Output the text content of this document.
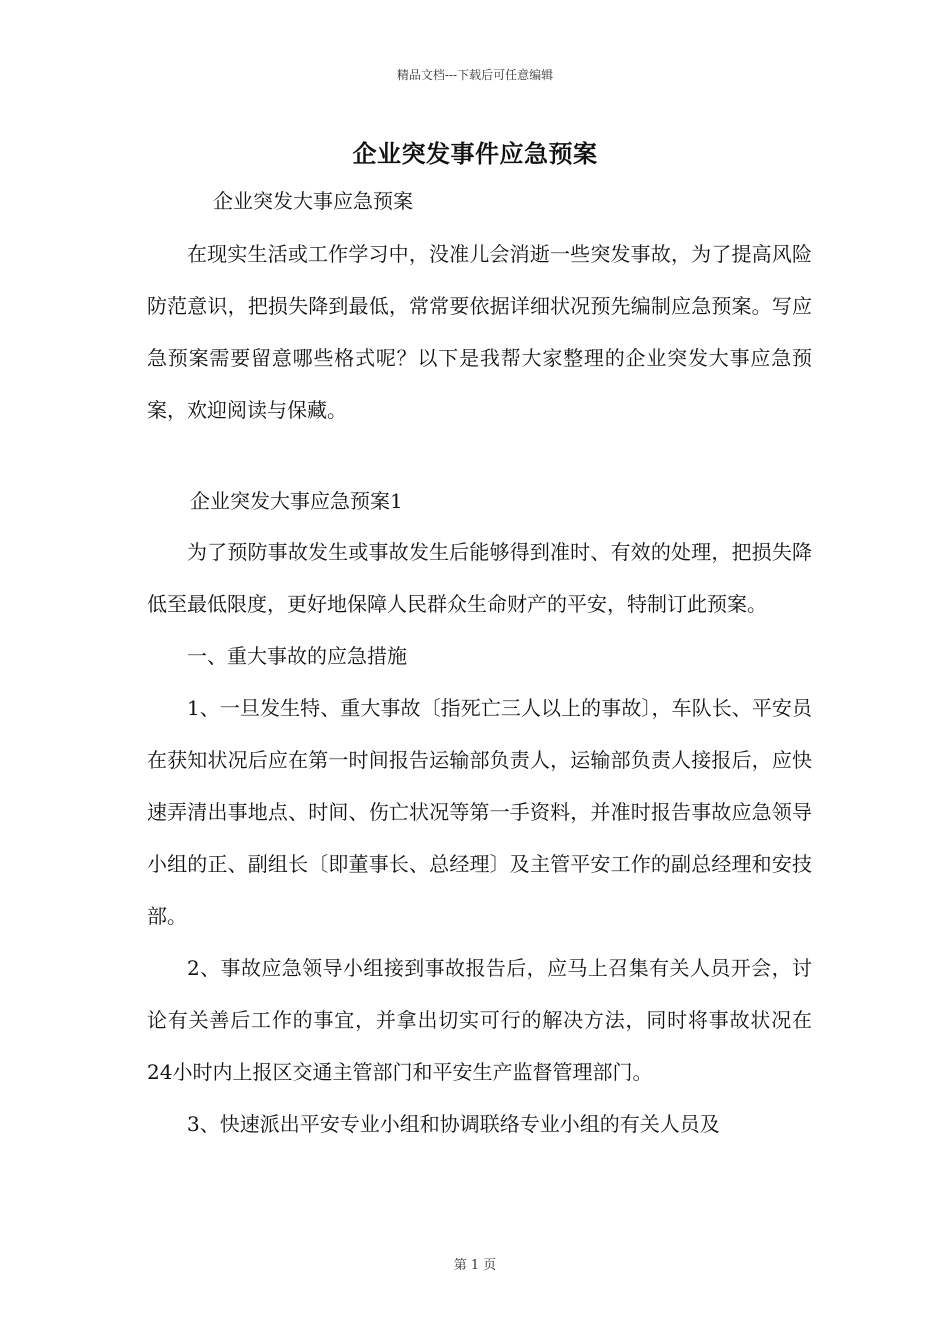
精品文档---下载后可任意编辑
企业突发事件应急预案
企业突发大事应急预案

在现实生活或工作学习中，没准儿会消逝一些突发事故，为了提高风险防范意识，把损失降到最低，常常要依据详细状况预先编制应急预案。写应急预案需要留意哪些格式呢？以下是我帮大家整理的企业突发大事应急预案，欢迎阅读与保藏。

企业突发大事应急预案1

为了预防事故发生或事故发生后能够得到准时、有效的处理，把损失降低至最低限度，更好地保障人民群众生命财产的平安，特制订此预案。

一、重大事故的应急措施

1、一旦发生特、重大事故〔指死亡三人以上的事故〕，车队长、平安员在获知状况后应在第一时间报告运输部负责人，运输部负责人接报后，应快速弄清出事地点、时间、伤亡状况等第一手资料，并准时报告事故应急领导小组的正、副组长〔即董事长、总经理〕及主管平安工作的副总经理和安技部。

2、事故应急领导小组接到事故报告后，应马上召集有关人员开会，讨论有关善后工作的事宜，并拿出切实可行的解决方法，同时将事故状况在24小时内上报区交通主管部门和平安生产监督管理部门。

3、快速派出平安专业小组和协调联络专业小组的有关人员及

第 1 页
